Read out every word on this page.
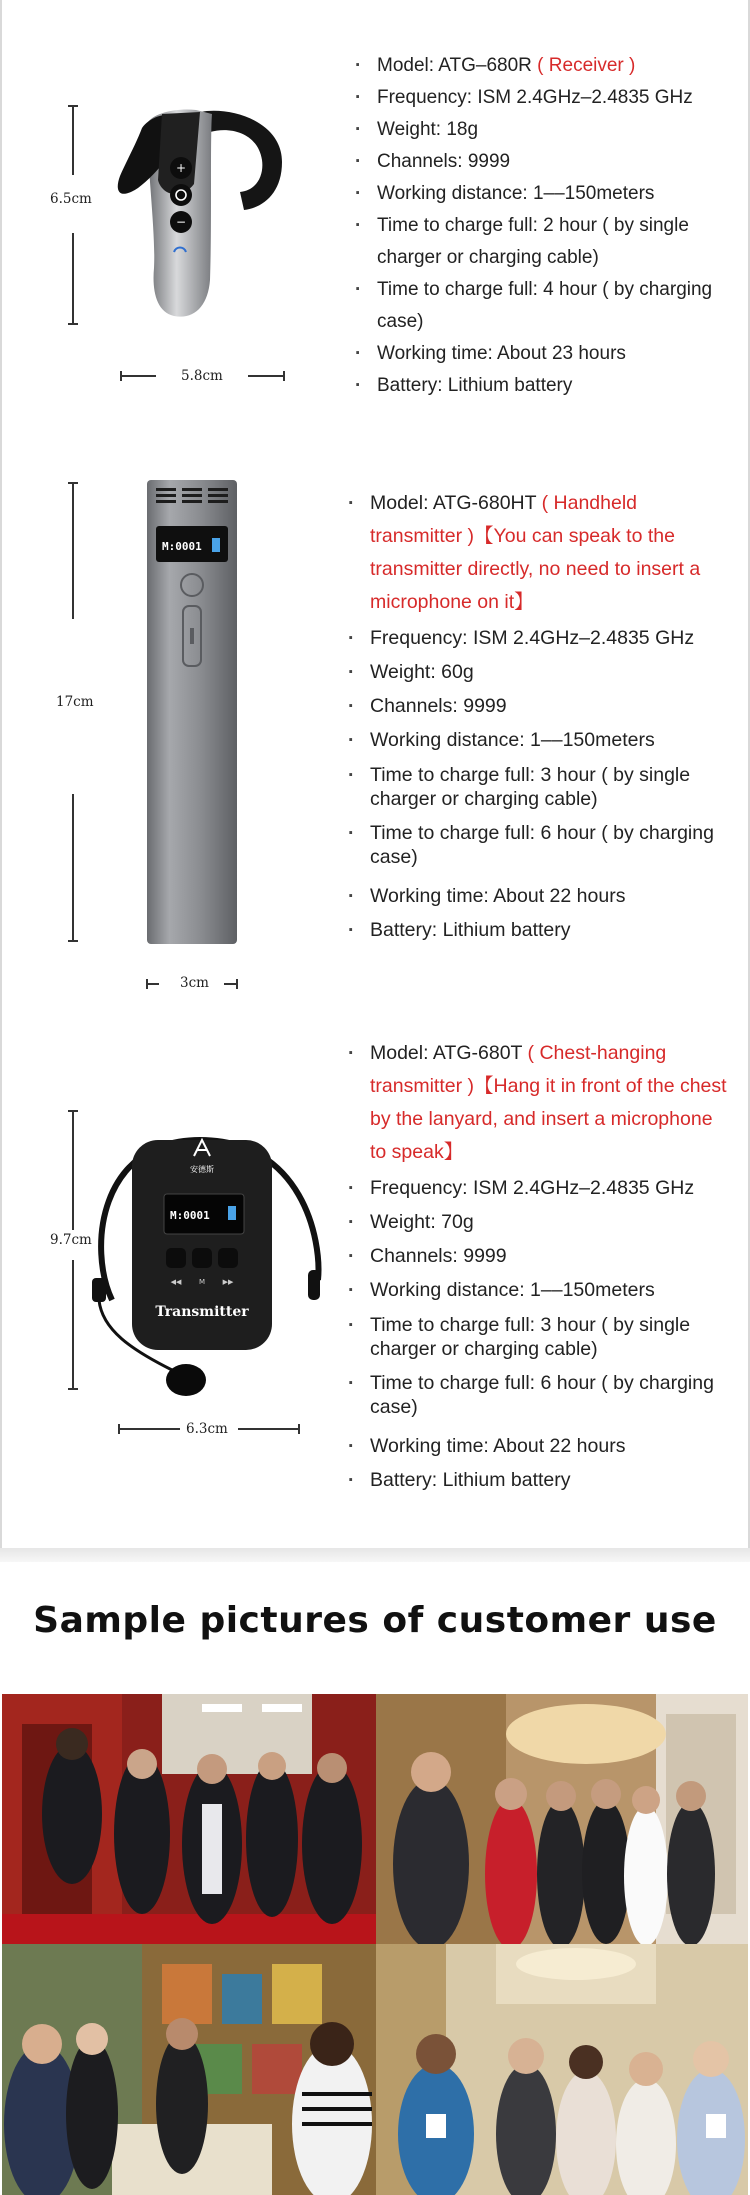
6.5cm
+
−
5.8cm
· Model: ATG–680R ( Receiver )
· Frequency: ISM 2.4GHz–2.4835 GHz
· Weight: 18g
· Channels: 9999
· Working distance: 1––150meters
· Time to charge full: 2 hour ( by single charger or charging cable)
· Time to charge full: 4 hour ( by charging case)
· Working time: About 23 hours
· Battery: Lithium battery
17cm
M:0001
3cm
· Model: ATG-680HT ( Handheld transmitter )【You can speak to the transmitter directly, no need to insert a microphone on it】
· Frequency: ISM 2.4GHz–2.4835 GHz
· Weight: 60g
· Channels: 9999
· Working distance: 1––150meters
· Time to charge full: 3 hour ( by single charger or charging cable)
· Time to charge full: 6 hour ( by charging case)
· Working time: About 22 hours
· Battery: Lithium battery
9.7cm
安德斯
M:0001
◀◀	M	▶▶
Transmitter
6.3cm
· Model: ATG-680T ( Chest-hanging transmitter )【Hang it in front of the chest by the lanyard, and insert a microphone to speak】
· Frequency: ISM 2.4GHz–2.4835 GHz
· Weight: 70g
· Channels: 9999
· Working distance: 1––150meters
· Time to charge full: 3 hour ( by single charger or charging cable)
· Time to charge full: 6 hour ( by charging case)
· Working time: About 22 hours
· Battery: Lithium battery
Sample pictures of customer use
